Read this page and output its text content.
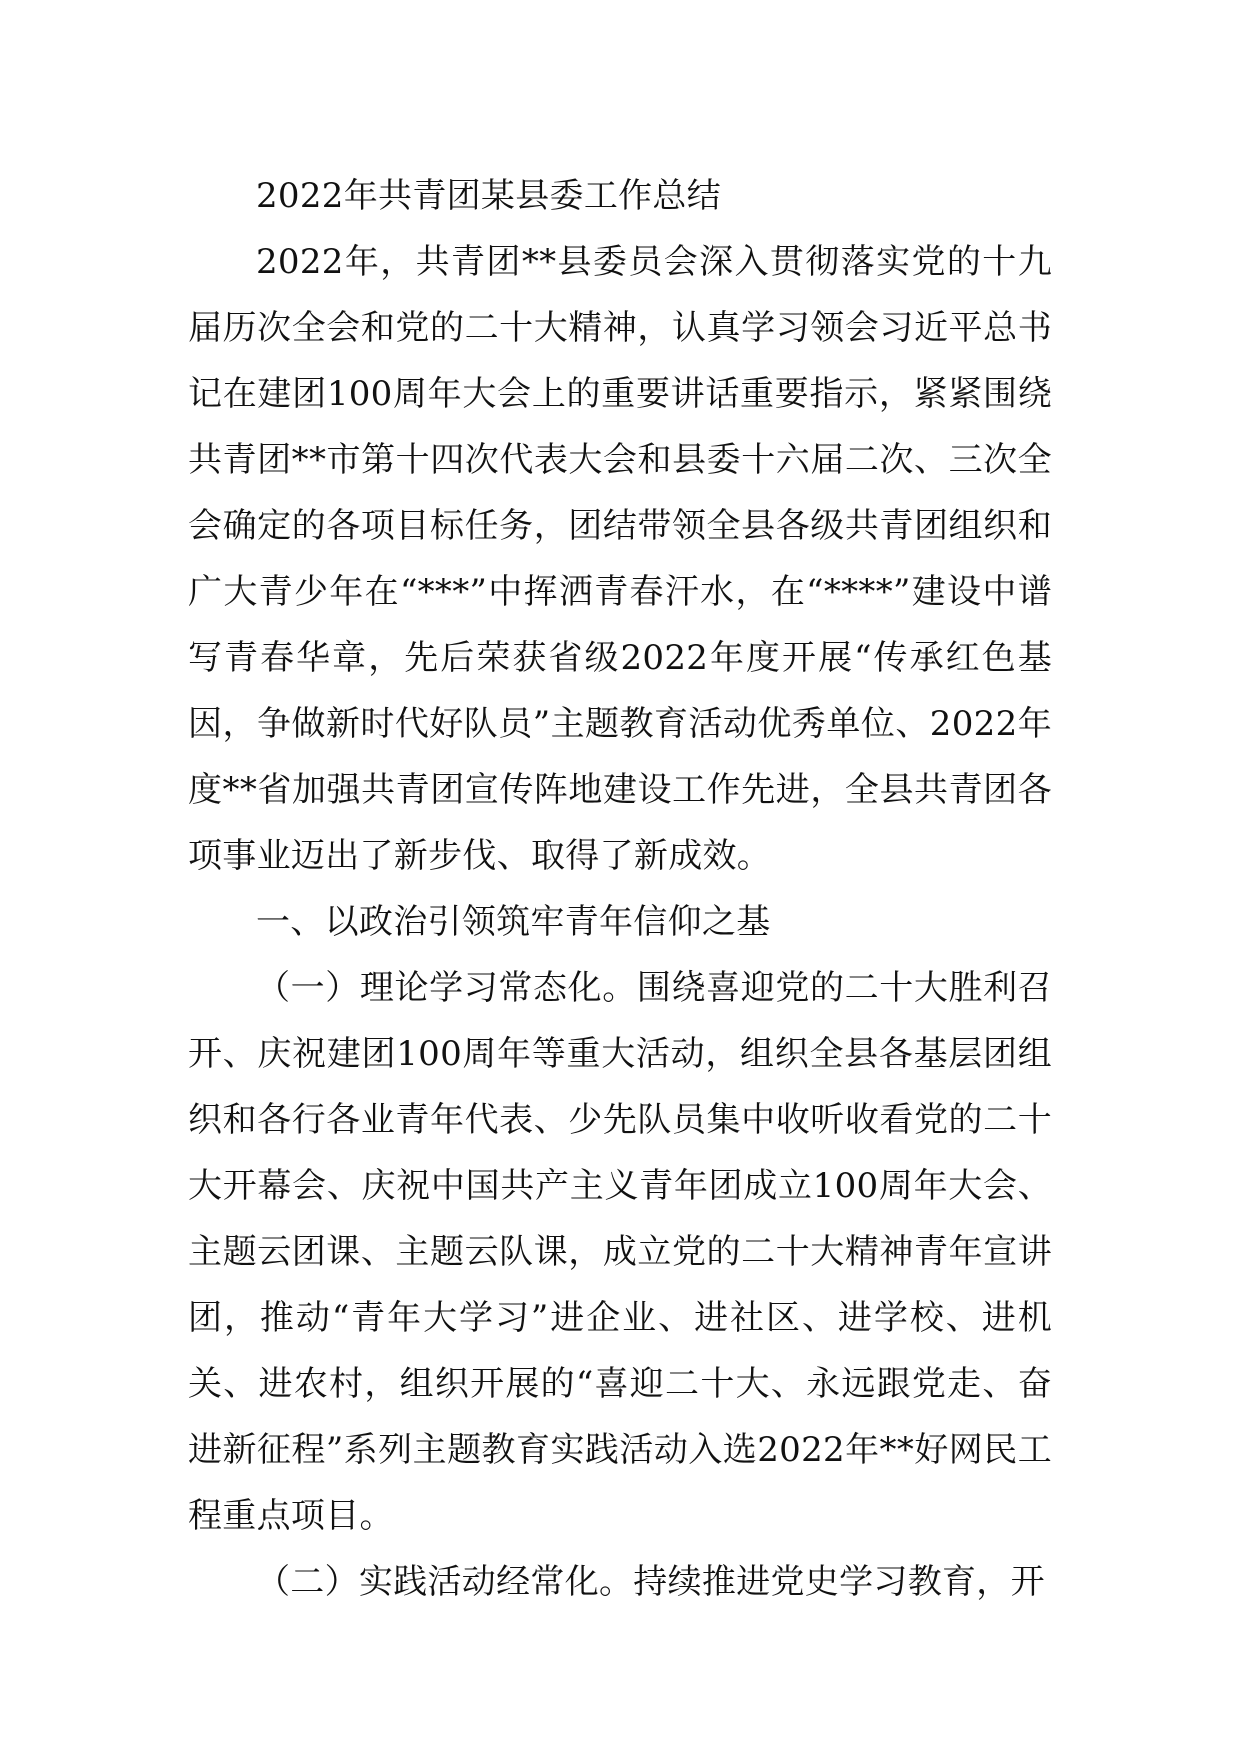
2022年共青团某县委工作总结

2022年，共青团**县委员会深入贯彻落实党的十九届历次全会和党的二十大精神，认真学习领会习近平总书记在建团100周年大会上的重要讲话重要指示，紧紧围绕共青团**市第十四次代表大会和县委十六届二次、三次全会确定的各项目标任务，团结带领全县各级共青团组织和广大青少年在“***”中挥洒青春汗水，在“****”建设中谱写青春华章，先后荣获省级2022年度开展“传承红色基因，争做新时代好队员”主题教育活动优秀单位、2022年度**省加强共青团宣传阵地建设工作先进，全县共青团各项事业迈出了新步伐、取得了新成效。

一、以政治引领筑牢青年信仰之基

（一）理论学习常态化。围绕喜迎党的二十大胜利召开、庆祝建团100周年等重大活动，组织全县各基层团组织和各行各业青年代表、少先队员集中收听收看党的二十大开幕会、庆祝中国共产主义青年团成立100周年大会、主题云团课、主题云队课，成立党的二十大精神青年宣讲团，推动“青年大学习”进企业、进社区、进学校、进机关、进农村，组织开展的“喜迎二十大、永远跟党走、奋进新征程”系列主题教育实践活动入选2022年**好网民工程重点项目。

（二）实践活动经常化。持续推进党史学习教育，开
